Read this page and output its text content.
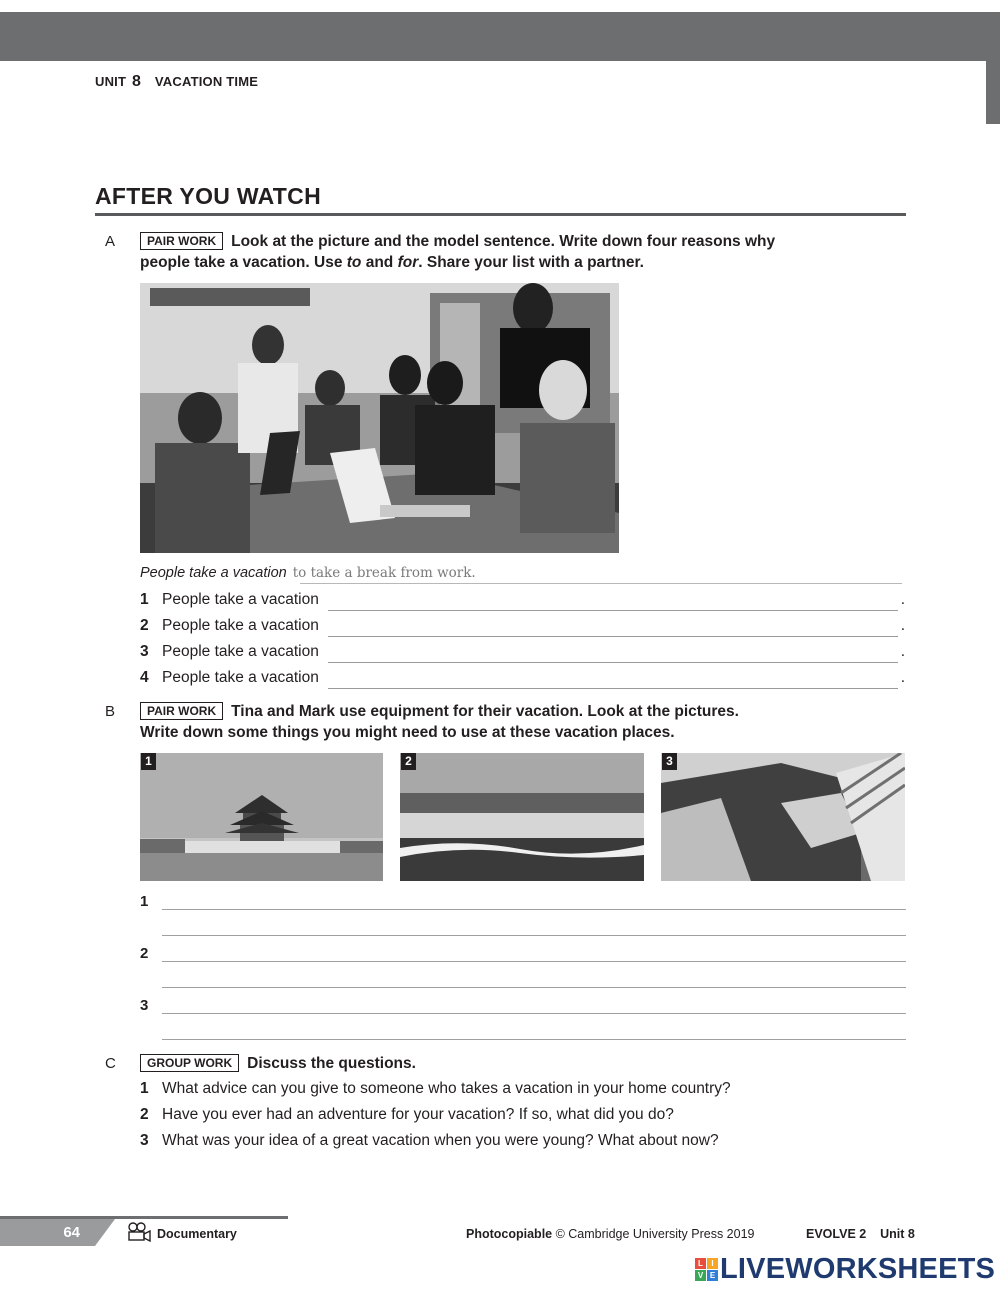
UNIT 8 VACATION TIME
AFTER YOU WATCH
A	PAIR WORK Look at the picture and the model sentence. Write down four reasons why people take a vacation. Use to and for. Share your list with a partner.
People take a vacation to take a break from work.
1 People take a vacation	.
2 People take a vacation	.
3 People take a vacation	.
4 People take a vacation	.
B	PAIR WORK Tina and Mark use equipment for their vacation. Look at the pictures. Write down some things you might need to use at these vacation places.
1	2	3
1
2
3
C	GROUP WORK Discuss the questions.
1 What advice can you give to someone who takes a vacation in your home country?
2 Have you ever had an adventure for your vacation? If so, what did you do?
3 What was your idea of a great vacation when you were young? What about now?
64	Documentary	Photocopiable © Cambridge University Press 2019	EVOLVE 2    Unit 8
L	I
V E LIVEWORKSHEETS
